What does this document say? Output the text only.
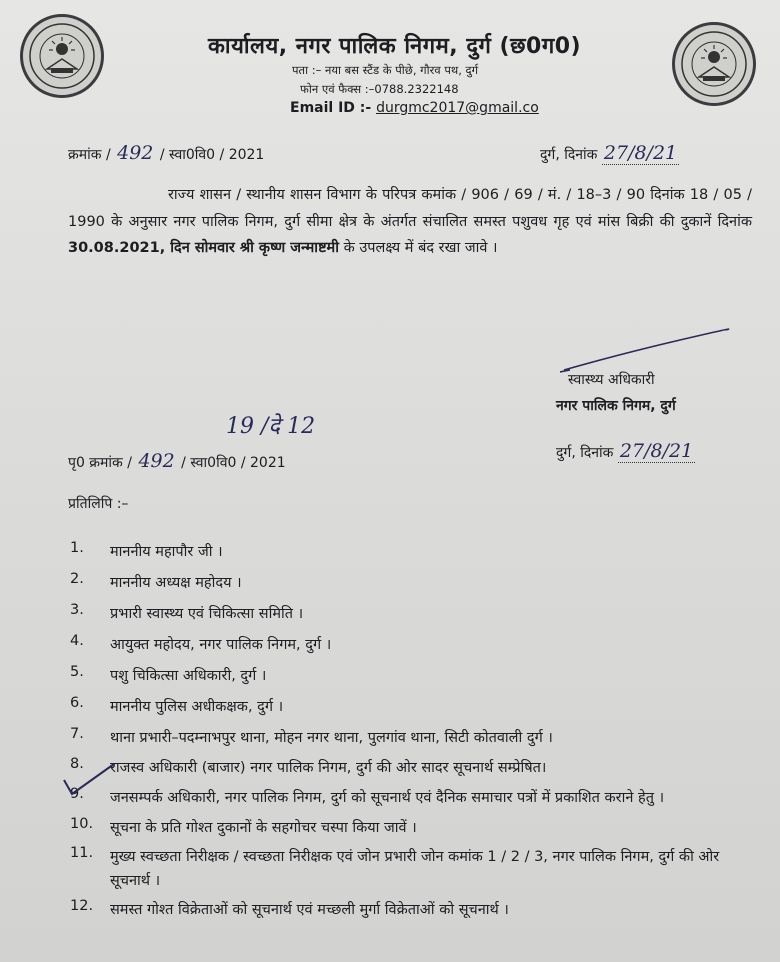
कार्यालय, नगर पालिक निगम, दुर्ग (छ0ग0)
पता :– नया बस स्टैंड के पीछे, गौरव पथ, दुर्ग
फोन एवं फैक्स :–0788.2322148
Email ID :- durgmc2017@gmail.co
क्रमांक / 492 / स्वा0वि0 / 2021	दुर्ग, दिनांक 27/8/21
राज्य शासन / स्थानीय शासन विभाग के परिपत्र कमांक / 906 / 69 / मं. / 18–3 / 90 दिनांक 18 / 05 / 1990 के अनुसार नगर पालिक निगम, दुर्ग सीमा क्षेत्र के अंतर्गत संचालित समस्त पशुवध गृह एवं मांस बिक्री की दुकानें दिनांक 30.08.2021, दिन सोमवार श्री कृष्ण जन्माष्टमी के उपलक्ष्य में बंद रखा जावे ।
स्वास्थ्य अधिकारी
नगर पालिक निगम, दुर्ग
दुर्ग, दिनांक 27/8/21
19 /दे 12
पृ0 क्रमांक / 492 / स्वा0वि0 / 2021
प्रतिलिपि :–
1.	माननीय महापौर जी ।
2.	माननीय अध्यक्ष महोदय ।
3.	प्रभारी स्वास्थ्य एवं चिकित्सा समिति ।
4.	आयुक्त महोदय, नगर पालिक निगम, दुर्ग ।
5.	पशु चिकित्सा अधिकारी, दुर्ग ।
6.	माननीय पुलिस अधीकक्षक, दुर्ग ।
7.	थाना प्रभारी–पदम्नाभपुर थाना, मोहन नगर थाना, पुलगांव थाना, सिटी कोतवाली दुर्ग ।
8.	राजस्व अधिकारी (बाजार) नगर पालिक निगम, दुर्ग की ओर सादर सूचनार्थ सम्प्रेषित।
9.	जनसम्पर्क अधिकारी, नगर पालिक निगम, दुर्ग को सूचनार्थ एवं दैनिक समाचार पत्रों में प्रकाशित कराने हेतु ।
10.	सूचना के प्रति गोश्त दुकानों के सहगोचर चस्पा किया जावें ।
11.	मुख्य स्वच्छता निरीक्षक / स्वच्छता निरीक्षक एवं जोन प्रभारी जोन कमांक 1 / 2 / 3, नगर पालिक निगम, दुर्ग की ओर सूचनार्थ ।
12.	समस्त गोश्त विक्रेताओं को सूचनार्थ एवं मच्छली मुर्गा विक्रेताओं को सूचनार्थ ।
